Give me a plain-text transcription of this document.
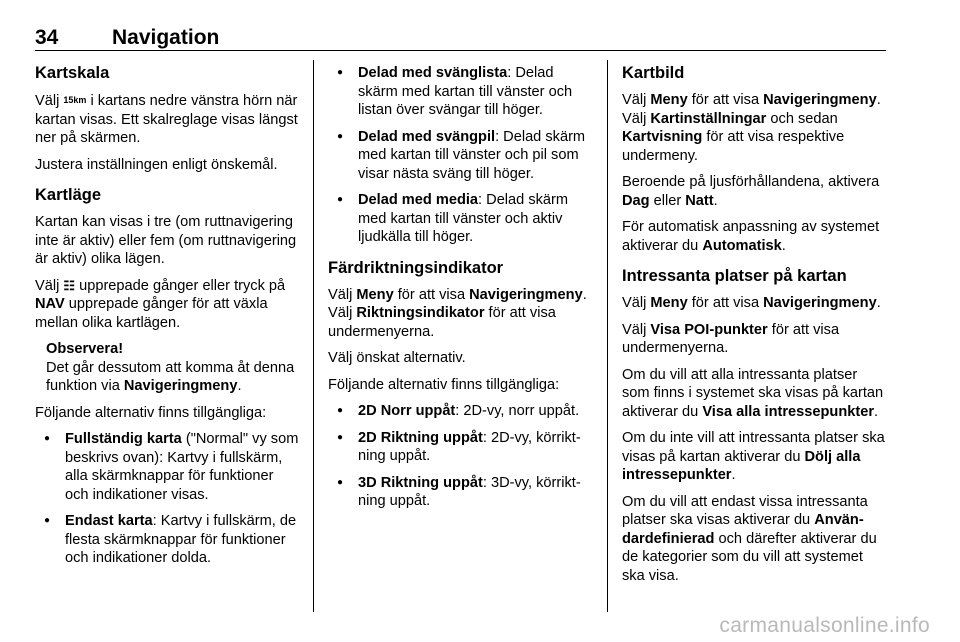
34	Navigation
Kartskala

Välj 15km i kartans nedre vänstra hörn när kartan visas. Ett skalreglage visas längst ner på skärmen.

Justera inställningen enligt önskemål.

Kartläge

Kartan kan visas i tre (om ruttnavigering inte är aktiv) eller fem (om ruttnavigering är aktiv) olika lägen.

Välj ☷ upprepade gånger eller tryck på NAV upprepade gånger för att växla mellan olika kartlägen.

Observera!
Det går dessutom att komma åt denna funktion via Navigeringmeny.

Följande alternativ finns tillgängliga:

● Fullständig karta ("Normal" vy som beskrivs ovan): Kartvy i fullskärm, alla skärmknappar för funktioner och indikationer visas.
● Endast karta: Kartvy i fullskärm, de flesta skärmknappar för funktioner och indikationer dolda.
● Delad med svänglista: Delad skärm med kartan till vänster och listan över svängar till höger.
● Delad med svängpil: Delad skärm med kartan till vänster och pil som visar nästa sväng till höger.
● Delad med media: Delad skärm med kartan till vänster och aktiv ljudkälla till höger.
Färdriktningsindikator

Välj Meny för att visa Navigeringmeny. Välj Riktningsindikator för att visa undermenyerna.

Välj önskat alternativ.

Följande alternativ finns tillgängliga:

● 2D Norr uppåt: 2D-vy, norr uppåt.
● 2D Riktning uppåt: 2D-vy, körriktning uppåt.
● 3D Riktning uppåt: 3D-vy, körriktning uppåt.
Kartbild

Välj Meny för att visa Navigeringmeny. Välj Kartinställningar och sedan Kartvisning för att visa respektive undermeny.

Beroende på ljusförhållandena, aktivera Dag eller Natt.

För automatisk anpassning av systemet aktiverar du Automatisk.

Intressanta platser på kartan

Välj Meny för att visa Navigeringmeny.

Välj Visa POI-punkter för att visa undermenyerna.

Om du vill att alla intressanta platser som finns i systemet ska visas på kartan aktiverar du Visa alla intressepunkter.

Om du inte vill att intressanta platser ska visas på kartan aktiverar du Dölj alla intressepunkter.

Om du vill att endast vissa intressanta platser ska visas aktiverar du Användardefinierad och därefter aktiverar du de kategorier som du vill att systemet ska visa.

carmanualsonline.info
